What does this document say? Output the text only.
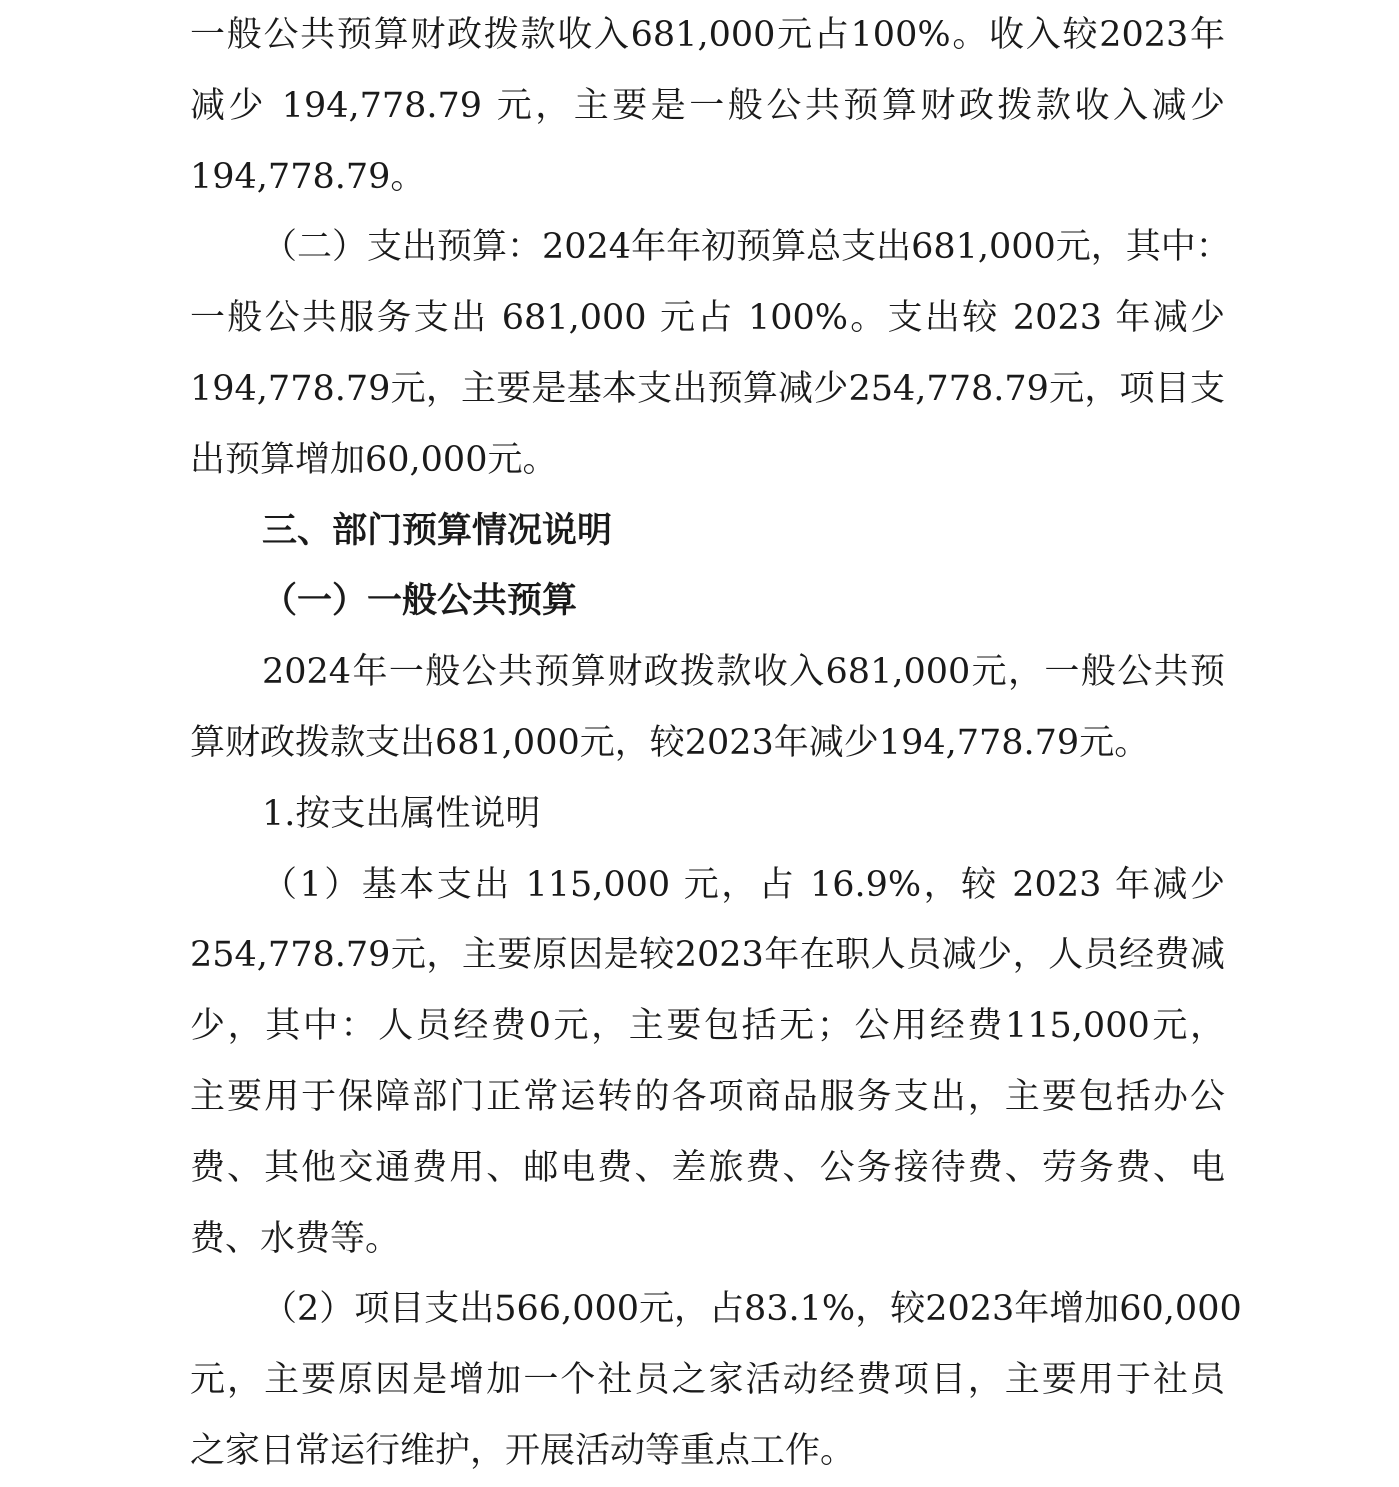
一般公共预算财政拨款收入681,000元占100%。收入较2023年
减少 194,778.79 元，主要是一般公共预算财政拨款收入减少
194,778.79。
（二）支出预算：2024年年初预算总支出681,000元，其中：
一般公共服务支出 681,000 元占 100%。支出较 2023 年减少
194,778.79元，主要是基本支出预算减少254,778.79元，项目支
出预算增加60,000元。
三、部门预算情况说明
（一）一般公共预算
2024年一般公共预算财政拨款收入681,000元，一般公共预
算财政拨款支出681,000元，较2023年减少194,778.79元。
1.按支出属性说明
（1）基本支出 115,000 元，占 16.9%，较 2023 年减少
254,778.79元，主要原因是较2023年在职人员减少，人员经费减
少，其中：人员经费0元，主要包括无；公用经费115,000元，
主要用于保障部门正常运转的各项商品服务支出，主要包括办公
费、其他交通费用、邮电费、差旅费、公务接待费、劳务费、电
费、水费等。
（2）项目支出566,000元，占83.1%，较2023年增加60,000
元，主要原因是增加一个社员之家活动经费项目，主要用于社员
之家日常运行维护，开展活动等重点工作。
